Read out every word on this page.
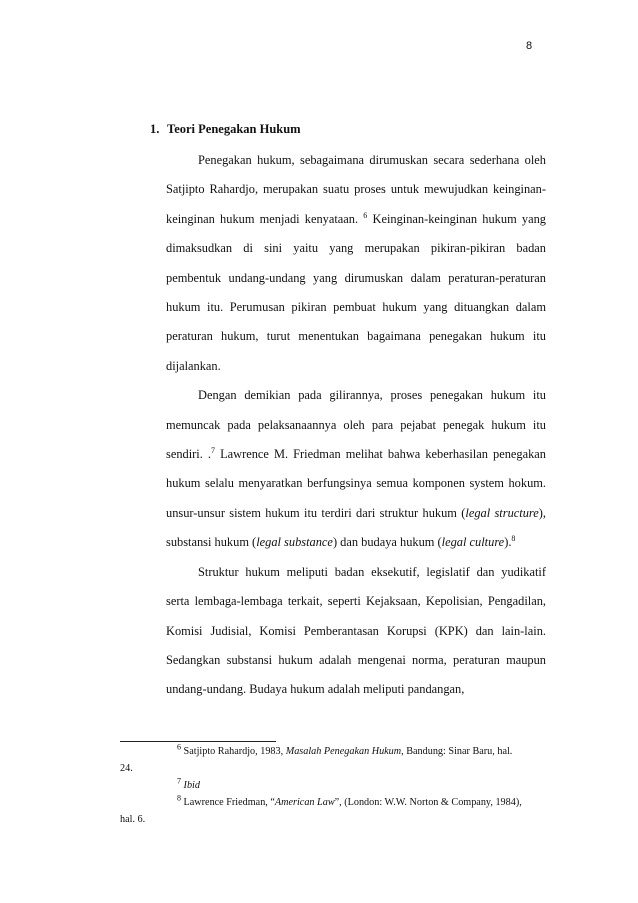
8
1. Teori Penegakan Hukum

Penegakan hukum, sebagaimana dirumuskan secara sederhana oleh Satjipto Rahardjo, merupakan suatu proses untuk mewujudkan keinginan-keinginan hukum menjadi kenyataan. $^6$ Keinginan-keinginan hukum yang dimaksudkan di sini yaitu yang merupakan pikiran-pikiran badan pembentuk undang-undang yang dirumuskan dalam peraturan-peraturan hukum itu. Perumusan pikiran pembuat hukum yang dituangkan dalam peraturan hukum, turut menentukan bagaimana penegakan hukum itu dijalankan.

Dengan demikian pada gilirannya, proses penegakan hukum itu memuncak pada pelaksanaannya oleh para pejabat penegak hukum itu sendiri. .$^7$ Lawrence M. Friedman melihat bahwa keberhasilan penegakan hukum selalu menyaratkan berfungsinya semua komponen system hokum. unsur-unsur sistem hukum itu terdiri dari struktur hukum (legal structure), substansi hukum (legal substance) dan budaya hukum (legal culture).$^8$

Struktur hukum meliputi badan eksekutif, legislatif dan yudikatif serta lembaga-lembaga terkait, seperti Kejaksaan, Kepolisian, Pengadilan, Komisi Judisial, Komisi Pemberantasan Korupsi (KPK) dan lain-lain. Sedangkan substansi hukum adalah mengenai norma, peraturan maupun undang-undang. Budaya hukum adalah meliputi pandangan,

$^6$ Satjipto Rahardjo, 1983, Masalah Penegakan Hukum, Bandung: Sinar Baru, hal.

24.

$^7$ Ibid

$^8$ Lawrence Friedman, “American Law”, (London: W.W. Norton & Company, 1984),

hal. 6.
